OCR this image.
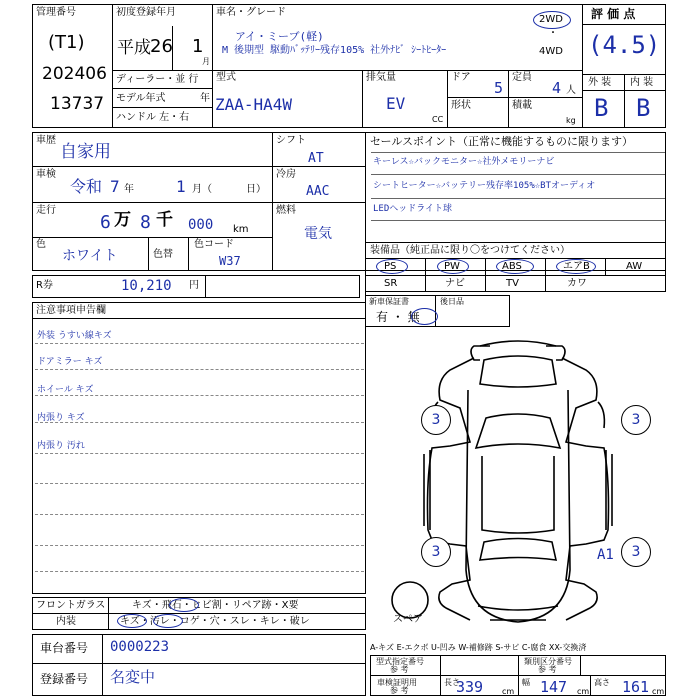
管理番号
(T1)
202406
13737
初度登録年月
平成 26 1
月
車名・グレード
アイ・ミーブ(軽)
M 後期型 駆動ﾊﾞｯﾃﾘｰ残存105% 社外ﾅﾋﾞ ｼｰﾄﾋｰﾀｰ
2WD
・
4WD
評 価 点
(4.5)
外 装 内 装
B B
ディーラー・並 行
モデル年式	年
ハンドル 左・右
型式
ZAA-HA4W
排気量
EV
CC
ドア
5
定員
4 人
形状	積載
kg
車歴
自家用
車検
令和 7 年	1 月（	日）
走行
6 万 8 千 000 km
色
ホワイト	色替
色コード
W37
シフト
AT
冷房
AAC
燃料
電気
セールスポイント（正常に機能するものに限ります）
キーレス☆バックモニター☆社外メモリーナビ
シートヒーター☆バッテリー残存率105%☆BTオーディオ
LEDヘッドライト球
R券	10,210 円
装備品（純正品に限り〇をつけてください）
PS	PW	ABS	エアB	AW
SR	ナビ	TV	カワ
新車保証書	後日品
有 ・ 無
注意事項申告欄
外装 うすい線キズ
ドアミラー キズ
ホイール キズ
内張り キズ
内張り 汚れ
3	3
3	3
A1
スペア
フロントガラス	キズ・飛石・ヒビ割・リペア跡・X要
内装	キズ・汚レ・コゲ・穴・スレ・キレ・破レ
車台番号 0000223
登録番号 名変中
A-キズ E-エクボ U-凹み W-補修跡 S-サビ C-腐食 XX-交換済
型式指定番号
参 考
類別区分番号
参 考
車検証明用
参 考
長さ
339 cm
幅 147 cm
高さ 161 cm
